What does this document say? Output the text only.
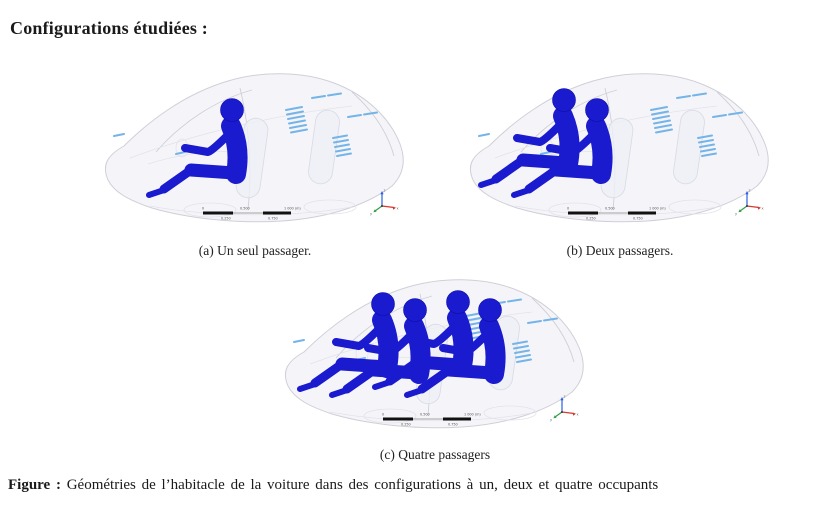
Configurations étudiées :
(a) Un seul passager.	(b) Deux passagers.
(c) Quatre passagers
Figure : Géométries de l’habitacle de la voiture dans des configurations à un, deux et quatre occupants
